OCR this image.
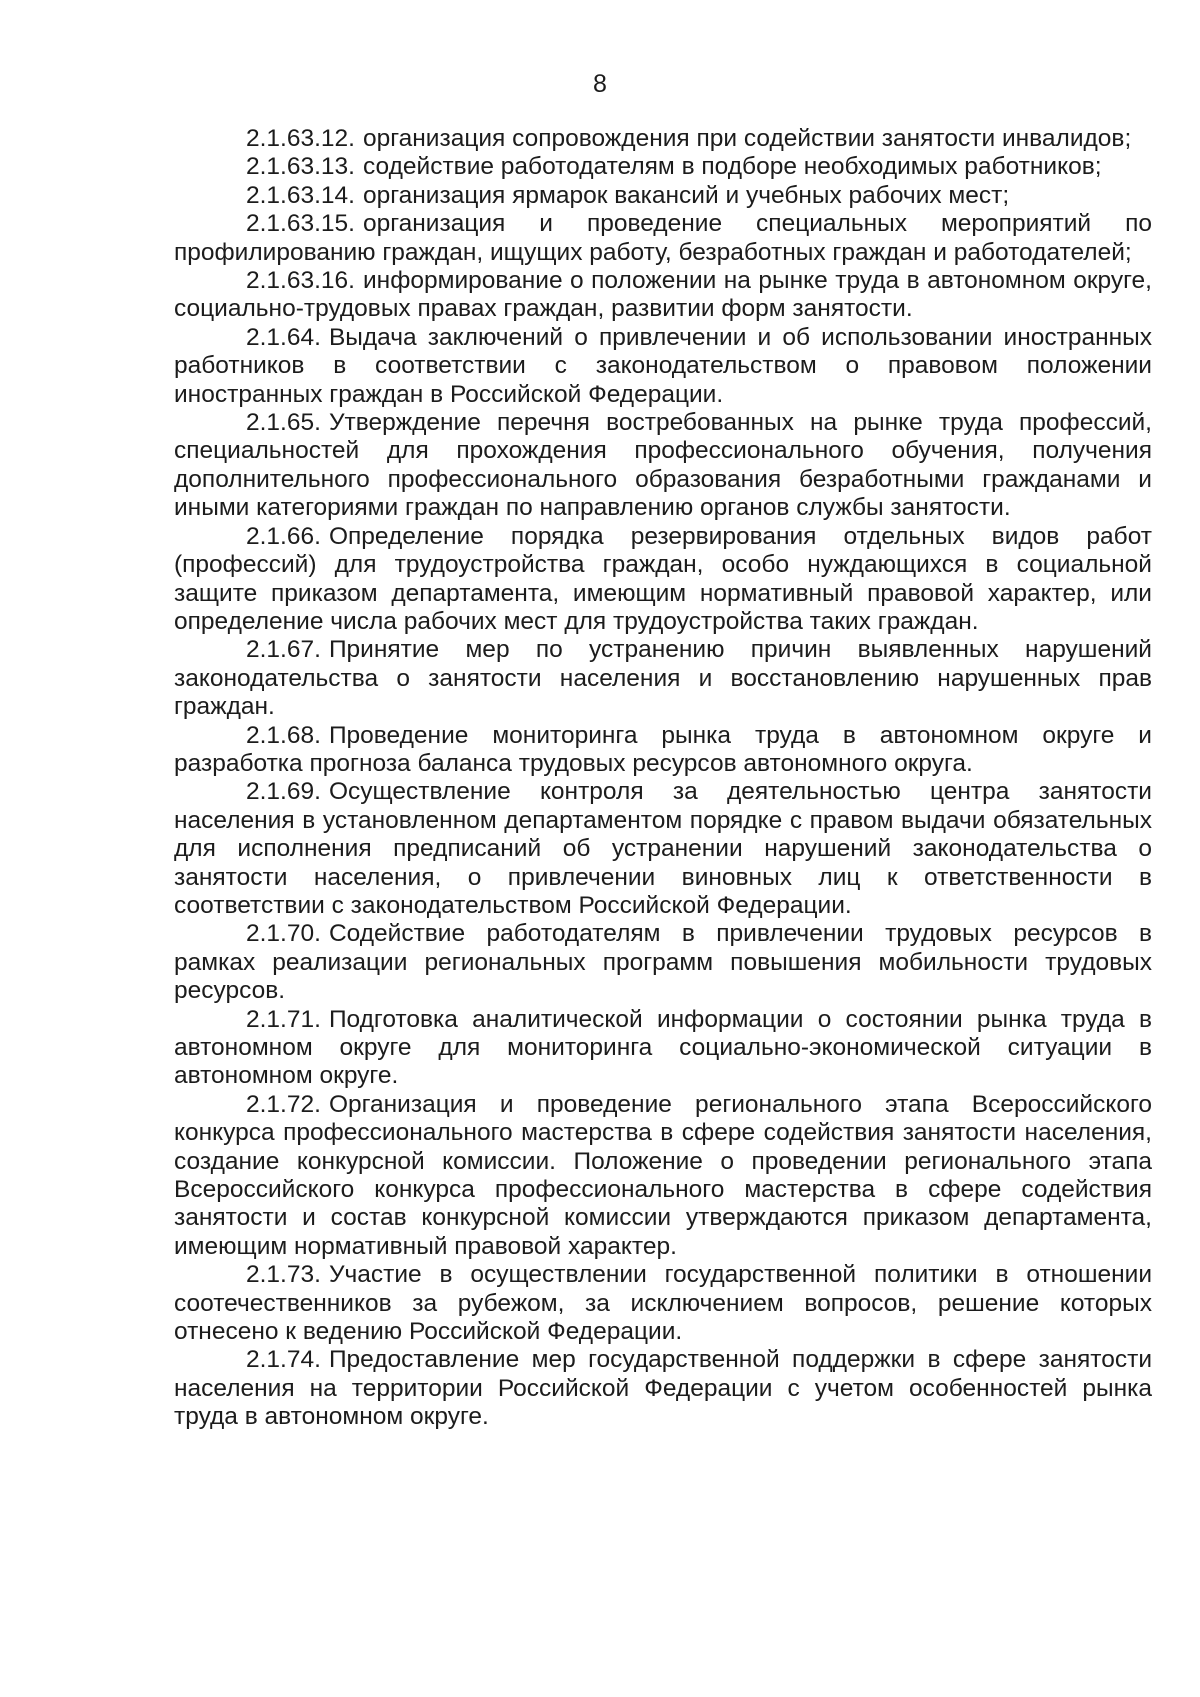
8

2.1.63.12. организация сопровождения при содействии занятости инвалидов;

2.1.63.13. содействие работодателям в подборе необходимых работников;

2.1.63.14. организация ярмарок вакансий и учебных рабочих мест;

2.1.63.15. организация и проведение специальных мероприятий по профилированию граждан, ищущих работу, безработных граждан и работодателей;

2.1.63.16. информирование о положении на рынке труда в автономном округе, социально-трудовых правах граждан, развитии форм занятости.

2.1.64. Выдача заключений о привлечении и об использовании иностранных работников в соответствии с законодательством о правовом положении иностранных граждан в Российской Федерации.

2.1.65. Утверждение перечня востребованных на рынке труда профессий, специальностей для прохождения профессионального обучения, получения дополнительного профессионального образования безработными гражданами и иными категориями граждан по направлению органов службы занятости.

2.1.66. Определение порядка резервирования отдельных видов работ (профессий) для трудоустройства граждан, особо нуждающихся в социальной защите приказом департамента, имеющим нормативный правовой характер, или определение числа рабочих мест для трудоустройства таких граждан.

2.1.67. Принятие мер по устранению причин выявленных нарушений законодательства о занятости населения и восстановлению нарушенных прав граждан.

2.1.68. Проведение мониторинга рынка труда в автономном округе и разработка прогноза баланса трудовых ресурсов автономного округа.

2.1.69. Осуществление контроля за деятельностью центра занятости населения в установленном департаментом порядке с правом выдачи обязательных для исполнения предписаний об устранении нарушений законодательства о занятости населения, о привлечении виновных лиц к ответственности в соответствии с законодательством Российской Федерации.

2.1.70. Содействие работодателям в привлечении трудовых ресурсов в рамках реализации региональных программ повышения мобильности трудовых ресурсов.

2.1.71. Подготовка аналитической информации о состоянии рынка труда в автономном округе для мониторинга социально-экономической ситуации в автономном округе.

2.1.72. Организация и проведение регионального этапа Всероссийского конкурса профессионального мастерства в сфере содействия занятости населения, создание конкурсной комиссии. Положение о проведении регионального этапа Всероссийского конкурса профессионального мастерства в сфере содействия занятости и состав конкурсной комиссии утверждаются приказом департамента, имеющим нормативный правовой характер.

2.1.73. Участие в осуществлении государственной политики в отношении соотечественников за рубежом, за исключением вопросов, решение которых отнесено к ведению Российской Федерации.

2.1.74. Предоставление мер государственной поддержки в сфере занятости населения на территории Российской Федерации с учетом особенностей рынка труда в автономном округе.
